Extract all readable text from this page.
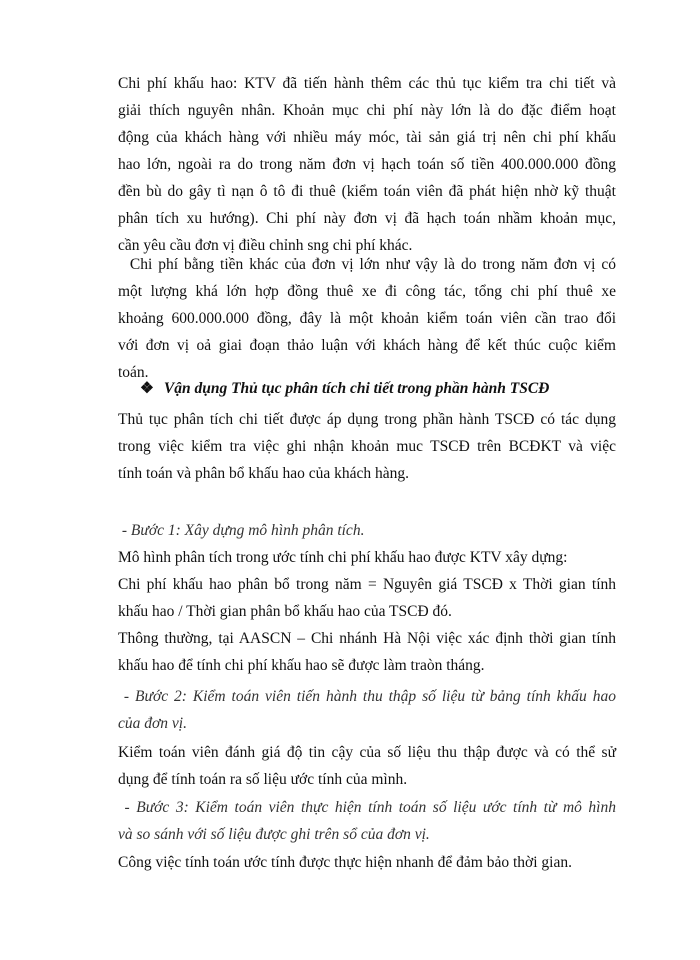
Chi phí khấu hao: KTV đã tiến hành thêm các thủ tục kiểm tra chi tiết và
giải thích nguyên nhân. Khoản mục chi phí này lớn là do đặc điểm hoạt
động của khách hàng với nhiều máy móc, tài sản giá trị nên chi phí khấu
hao lớn, ngoài ra do trong năm đơn vị hạch toán số tiền 400.000.000 đồng
đền bù do gây tì nạn ô tô đi thuê (kiểm toán viên đã phát hiện nhờ kỹ thuật
phân tích xu hướng). Chi phí này đơn vị đã hạch toán nhầm khoản mục,
cần yêu cầu đơn vị điều chỉnh sng chi phí khác.
Chi phí bằng tiền khác của đơn vị lớn như vậy là do trong năm đơn vị có
một lượng khá lớn hợp đồng thuê xe đi công tác, tổng chi phí thuê xe
khoảng 600.000.000 đồng, đây là một khoản kiểm toán viên cần trao đổi
với đơn vị oả giai đoạn thảo luận với khách hàng để kết thúc cuộc kiểm
toán.
❖ Vận dụng Thủ tục phân tích chi tiết trong phần hành TSCĐ
Thủ tục phân tích chi tiết được áp dụng trong phần hành TSCĐ có tác dụng
trong việc kiểm tra việc ghi nhận khoản muc TSCĐ trên BCĐKT và việc
tính toán và phân bổ khấu hao của khách hàng.
- Bước 1: Xây dựng mô hình phân tích.
Mô hình phân tích trong ước tính chi phí khấu hao được KTV xây dựng:
Chi phí khấu hao phân bổ trong năm = Nguyên giá TSCĐ x Thời gian tính
khấu hao / Thời gian phân bổ khấu hao của TSCĐ đó.
Thông thường, tại AASCN – Chi nhánh Hà Nội việc xác định thời gian tính
khấu hao để tính chi phí khấu hao sẽ được làm traòn tháng.
- Bước 2: Kiểm toán viên tiến hành thu thập số liệu từ bảng tính khấu hao
của đơn vị.
Kiểm toán viên đánh giá độ tin cậy của số liệu thu thập được và có thể sử
dụng để tính toán ra số liệu ước tính của mình.
- Bước 3: Kiểm toán viên thực hiện tính toán số liệu ước tính từ mô hình
và so sánh với số liệu được ghi trên sổ của đơn vị.
Công việc tính toán ước tính được thực hiện nhanh để đảm bảo thời gian.
